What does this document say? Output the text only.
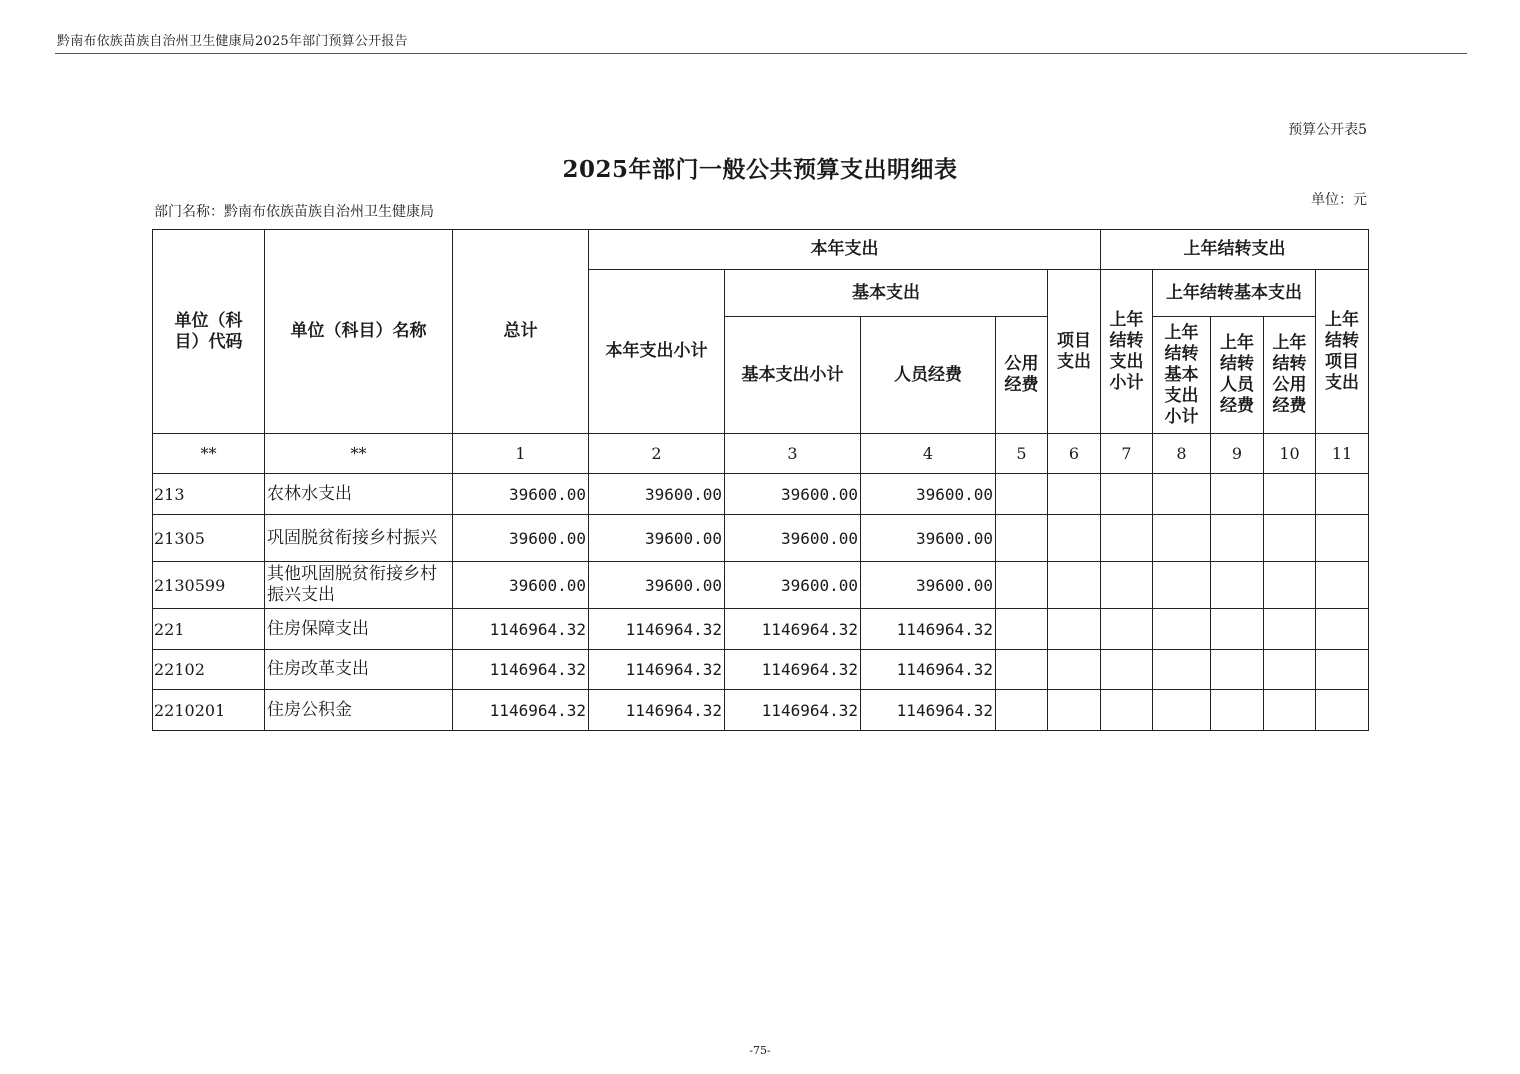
黔南布依族苗族自治州卫生健康局2025年部门预算公开报告
预算公开表5
2025年部门一般公共预算支出明细表
单位：元
部门名称：黔南布依族苗族自治州卫生健康局
单位（科目）代码	单位（科目）名称	总计	本年支出					上年结转支出				
			本年支出小计	基本支出			项目支出	上年结转支出小计	上年结转基本支出			上年结转项目支出

				基本支出小计	人员经费	公用经费			上年结转基本支出小计	上年结转人员经费	上年结转公用经费	

**	**	1	2	3	4	5	6	7	8	9	10	11
213	农林水支出	39600.00	39600.00	39600.00	39600.00							
21305	巩固脱贫衔接乡村振兴	39600.00	39600.00	39600.00	39600.00							
2130599	其他巩固脱贫衔接乡村振兴支出	39600.00	39600.00	39600.00	39600.00							
221	住房保障支出	1146964.32	1146964.32	1146964.32	1146964.32							
22102	住房改革支出	1146964.32	1146964.32	1146964.32	1146964.32							
2210201	住房公积金	1146964.32	1146964.32	1146964.32	1146964.32							
-75-
